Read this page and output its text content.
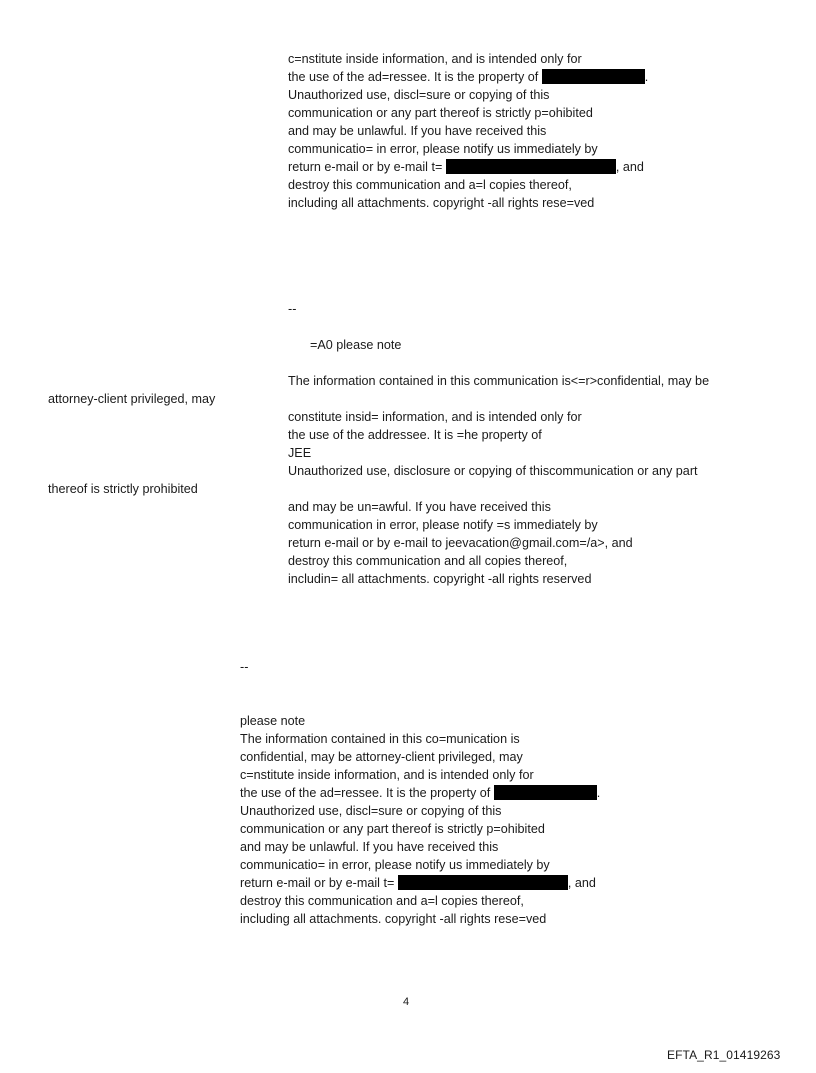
c=nstitute inside information, and is intended only for
the use of the ad=ressee. It is the property of	.
Unauthorized use, discl=sure or copying of this
communication or any part thereof is strictly p=ohibited
and may be unlawful. If you have received this
communicatio= in error, please notify us immediately by
return e-mail or by e-mail t=	, and
destroy this communication and a=l copies thereof,
including all attachments. copyright -all rights rese=ved
--
=A0 please note
The information contained in this communication is<=r>confidential, may be
attorney-client privileged, may
constitute insid= information, and is intended only for
the use of the addressee. It is =he property of
JEE
Unauthorized use, disclosure or copying of thiscommunication or any part
thereof is strictly prohibited
and may be un=awful. If you have received this
communication in error, please notify =s immediately by
return e-mail or by e-mail to jeevacation@gmail.com=/a>, and
destroy this communication and all copies thereof,
includin= all attachments. copyright -all rights reserved
--
please note
The information contained in this co=munication is
confidential, may be attorney-client privileged, may
c=nstitute inside information, and is intended only for
the use of the ad=ressee. It is the property of	.
Unauthorized use, discl=sure or copying of this
communication or any part thereof is strictly p=ohibited
and may be unlawful. If you have received this
communicatio= in error, please notify us immediately by
return e-mail or by e-mail t=	, and
destroy this communication and a=l copies thereof,
including all attachments. copyright -all rights rese=ved
4
EFTA_R1_01419263
